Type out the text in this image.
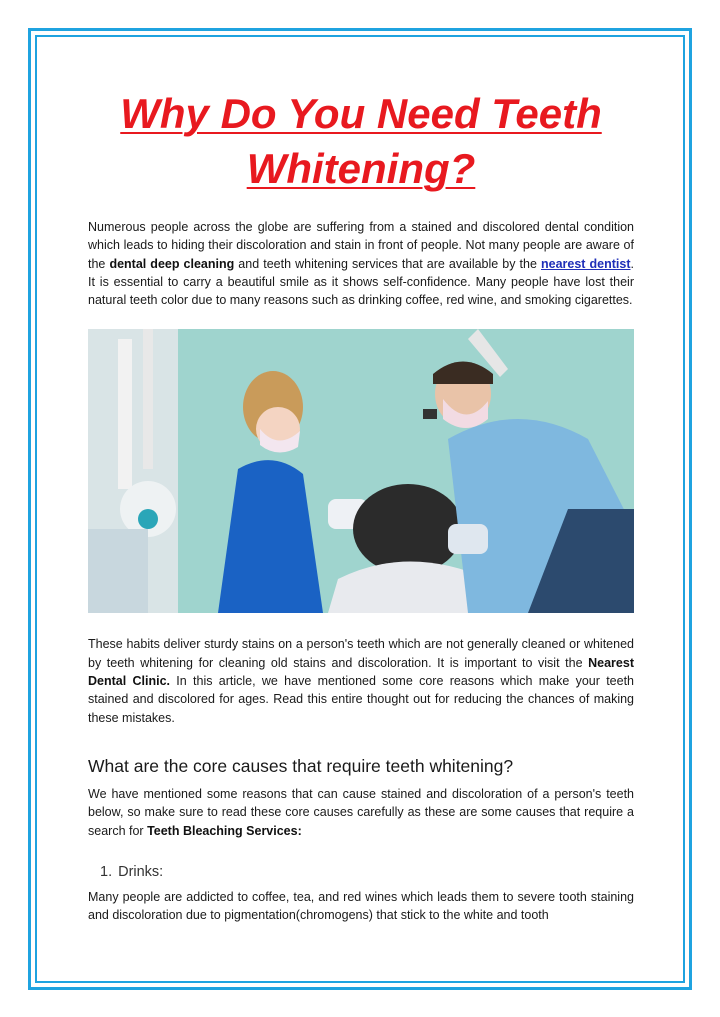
Why Do You Need Teeth Whitening?

Numerous people across the globe are suffering from a stained and discolored dental condition which leads to hiding their discoloration and stain in front of people. Not many people are aware of the dental deep cleaning and teeth whitening services that are available by the nearest dentist. It is essential to carry a beautiful smile as it shows self-confidence. Many people have lost their natural teeth color due to many reasons such as drinking coffee, red wine, and smoking cigarettes.

These habits deliver sturdy stains on a person's teeth which are not generally cleaned or whitened by teeth whitening for cleaning old stains and discoloration. It is important to visit the Nearest Dental Clinic. In this article, we have mentioned some core reasons which make your teeth stained and discolored for ages. Read this entire thought out for reducing the chances of making these mistakes.

What are the core causes that require teeth whitening?

We have mentioned some reasons that can cause stained and discoloration of a person's teeth below, so make sure to read these core causes carefully as these are some causes that require a search for Teeth Bleaching Services:

1. Drinks:

Many people are addicted to coffee, tea, and red wines which leads them to severe tooth staining and discoloration due to pigmentation(chromogens) that stick to the white and tooth
